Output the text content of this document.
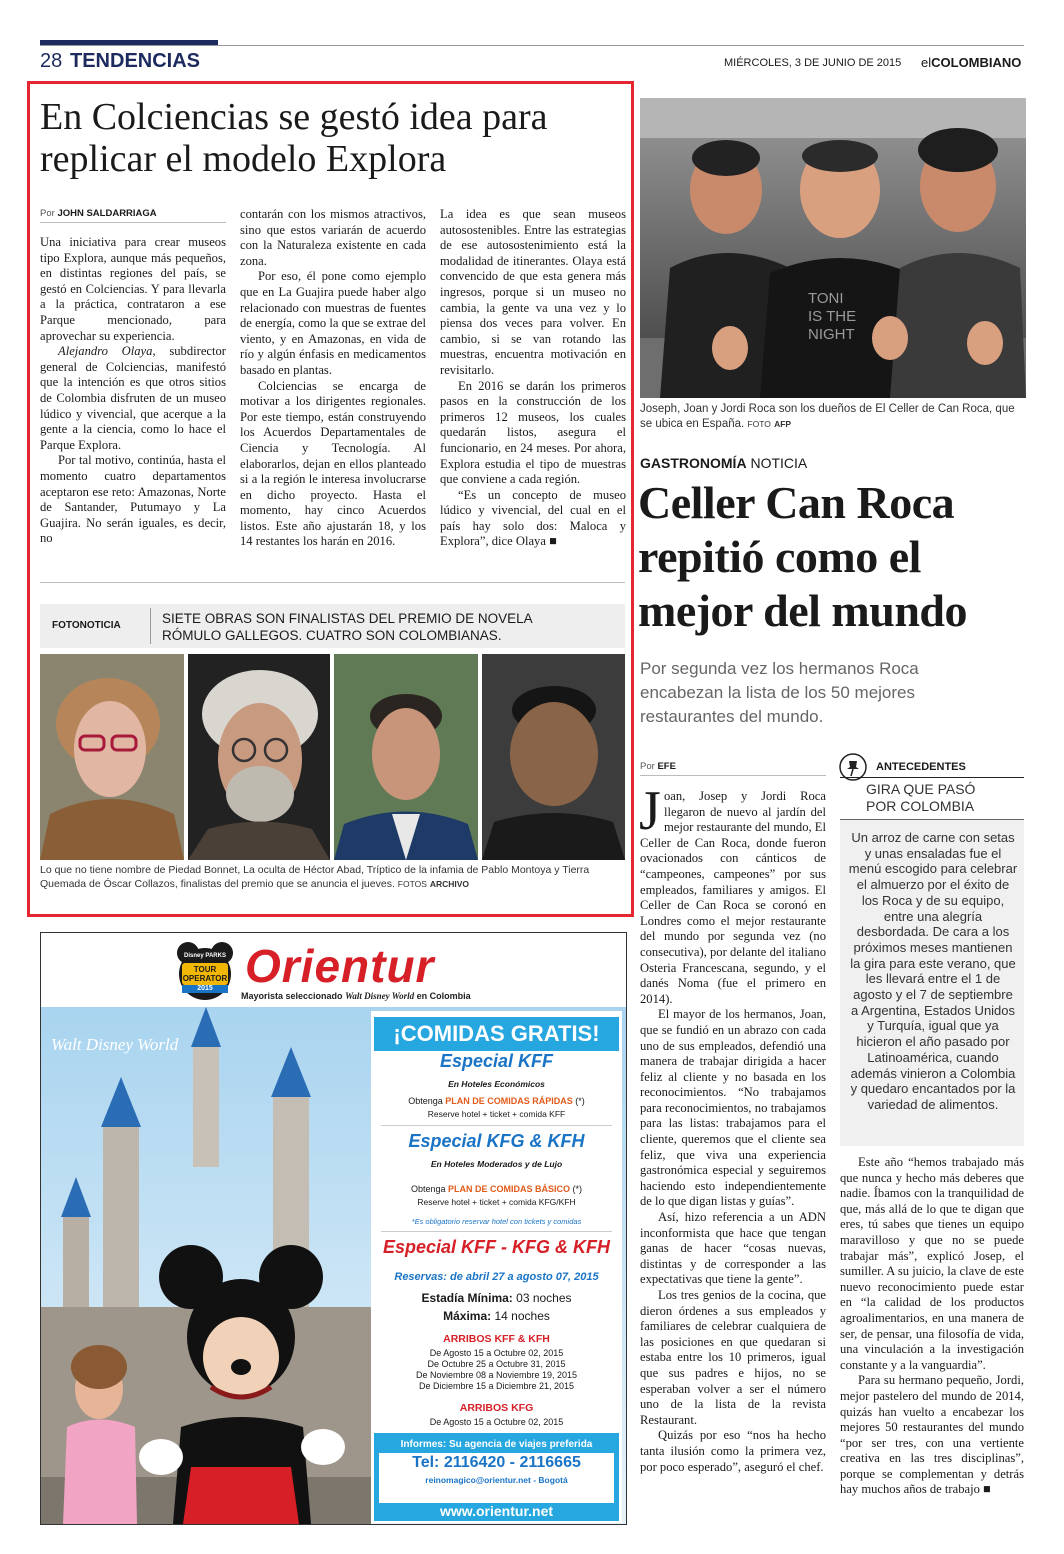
28 TENDENCIAS	MIÉRCOLES, 3 DE JUNIO DE 2015 elCOLOMBIANO
En Colciencias se gestó idea para replicar el modelo Explora
Por JOHN SALDARRIAGA

Una iniciativa para crear museos tipo Explora, aunque más pequeños, en distintas regiones del país, se gestó en Colciencias. Y para llevarla a la práctica, contrataron a ese Parque mencionado, para aprovechar su experiencia.

Alejandro Olaya, subdirector general de Colciencias, manifestó que la intención es que otros sitios de Colombia disfruten de un museo lúdico y vivencial, que acerque a la gente a la ciencia, como lo hace el Parque Explora.

Por tal motivo, continúa, hasta el momento cuatro departamentos aceptaron ese reto: Amazonas, Norte de Santander, Putumayo y La Guajira. No serán iguales, es decir, no

contarán con los mismos atractivos, sino que estos variarán de acuerdo con la Naturaleza existente en cada zona.

Por eso, él pone como ejemplo que en La Guajira puede haber algo relacionado con muestras de fuentes de energía, como la que se extrae del viento, y en Amazonas, en vida de río y algún énfasis en medicamentos basado en plantas.

Colciencias se encarga de motivar a los dirigentes regionales. Por este tiempo, están construyendo los Acuerdos Departamentales de Ciencia y Tecnología. Al elaborarlos, dejan en ellos planteado si a la región le interesa involucrarse en dicho proyecto. Hasta el momento, hay cinco Acuerdos listos. Este año ajustarán 18, y los 14 restantes los harán en 2016.

La idea es que sean museos autosostenibles. Entre las estrategias de ese autosostenimiento está la modalidad de itinerantes. Olaya está convencido de que esta genera más ingresos, porque si un museo no cambia, la gente va una vez y lo piensa dos veces para volver. En cambio, si se van rotando las muestras, encuentra motivación en revisitarlo.

En 2016 se darán los primeros pasos en la construcción de los primeros 12 museos, los cuales quedarán listos, asegura el funcionario, en 24 meses. Por ahora, Explora estudia el tipo de muestras que conviene a cada región.

“Es un concepto de museo lúdico y vivencial, del cual en el país hay solo dos: Maloca y Explora”, dice Olaya ■

FOTONOTICIA	SIETE OBRAS SON FINALISTAS DEL PREMIO DE NOVELA
RÓMULO GALLEGOS. CUATRO SON COLOMBIANAS.
Lo que no tiene nombre de Piedad Bonnet, La oculta de Héctor Abad, Tríptico de la infamia de Pablo Montoya y Tierra Quemada de Óscar Collazos, finalistas del premio que se anuncia el jueves. FOTOS ARCHIVO
TONI IS THE NIGHT
Joseph, Joan y Jordi Roca son los dueños de El Celler de Can Roca, que se ubica en España. FOTO AFP
GASTRONOMÍA NOTICIA
Celler Can Roca
repitió como el
mejor del mundo
Por segunda vez los hermanos Roca encabezan la lista de los 50 mejores restaurantes del mundo.
Por EFE
J oan, Josep y Jordi Roca llegaron de nuevo al jardín del mejor restaurante del mundo, El Celler de Can Roca, donde fueron ovacionados con cánticos de “campeones, campeones” por sus empleados, familiares y amigos. El Celler de Can Roca se coronó en Londres como el mejor restaurante del mundo por segunda vez (no consecutiva), por delante del italiano Osteria Francescana, segundo, y el danés Noma (fue el primero en 2014).

El mayor de los hermanos, Joan, que se fundió en un abrazo con cada uno de sus empleados, defendió una manera de trabajar dirigida a hacer feliz al cliente y no basada en los reconocimientos. “No trabajamos para reconocimientos, no trabajamos para las listas: trabajamos para el cliente, queremos que el cliente sea feliz, que viva una experiencia gastronómica especial y seguiremos haciendo esto independientemente de lo que digan listas y guías”.

Así, hizo referencia a un ADN inconformista que hace que tengan ganas de hacer “cosas nuevas, distintas y de corresponder a las expectativas que tiene la gente”.

Los tres genios de la cocina, que dieron órdenes a sus empleados y familiares de celebrar cualquiera de las posiciones en que quedaran si estaba entre los 10 primeros, igual que sus padres e hijos, no se esperaban volver a ser el número uno de la lista de la revista Restaurant.

Quizás por eso “nos ha hecho tanta ilusión como la primera vez, por poco esperado”, aseguró el chef.

ANTECEDENTES
GIRA QUE PASÓ
POR COLOMBIA
Un arroz de carne con setas y unas ensaladas fue el menú escogido para celebrar el almuerzo por el éxito de los Roca y de su equipo, entre una alegría desbordada. De cara a los próximos meses mantienen la gira para este verano, que les llevará entre el 1 de agosto y el 7 de septiembre a Argentina, Estados Unidos y Turquía, igual que ya hicieron el año pasado por Latinoamérica, cuando además vinieron a Colombia y quedaro encantados por la variedad de alimentos.

Este año “hemos trabajado más que nunca y hecho más deberes que nadie. Íbamos con la tranquilidad de que, más allá de lo que te digan que eres, tú sabes que tienes un equipo maravilloso y que no se puede trabajar más”, explicó Josep, el sumiller. A su juicio, la clave de este nuevo reconocimiento puede estar en “la calidad de los productos agroalimentarios, en una manera de ser, de pensar, una filosofía de vida, una vinculación a la investigación constante y a la vanguardia”.

Para su hermano pequeño, Jordi, mejor pastelero del mundo de 2014, quizás han vuelto a encabezar los mejores 50 restaurantes del mundo “por ser tres, con una vertiente creativa en las tres disciplinas”, porque se complementan y detrás hay muchos años de trabajo ■

Disney PARKS
TOUR OPERATOR
2015 Orientur
Mayorista seleccionado Walt Disney World en Colombia
Walt Disney World	¡COMIDAS GRATIS!
Especial KFF
En Hoteles Económicos
Obtenga PLAN DE COMIDAS RÁPIDAS (*)
Reserve hotel + ticket + comida KFF
Especial KFG & KFH
En Hoteles Moderados y de Lujo
Obtenga PLAN DE COMIDAS BÁSICO (*)
Reserve hotel + ticket + comida KFG/KFH
*Es obligatorio reservar hotel con tickets y comidas
Especial KFF - KFG & KFH
Reservas: de abril 27 a agosto 07, 2015
Estadía Mínima: 03 noches
Máxima: 14 noches
ARRIBOS KFF & KFH
De Agosto 15 a Octubre 02, 2015
De Octubre 25 a Octubre 31, 2015
De Noviembre 08 a Noviembre 19, 2015
De Diciembre 15 a Diciembre 21, 2015
ARRIBOS KFG
De Agosto 15 a Octubre 02, 2015
Informes: Su agencia de viajes preferida
Tel: 2116420 - 2116665
reinomagico@orientur.net - Bogotá
www.orientur.net
